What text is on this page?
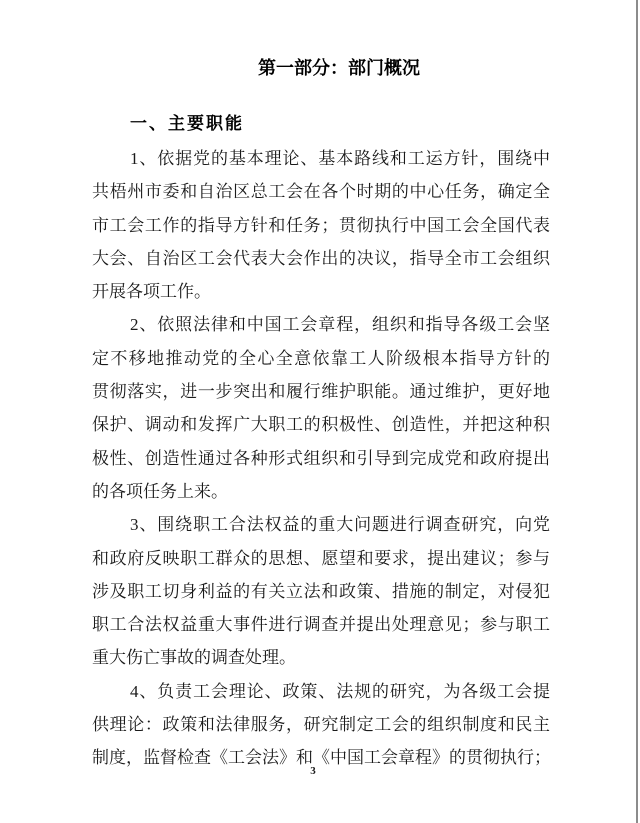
第一部分：部门概况
一、主要职能
1、依据党的基本理论、基本路线和工运方针，围绕中
共梧州市委和自治区总工会在各个时期的中心任务，确定全
市工会工作的指导方针和任务；贯彻执行中国工会全国代表
大会、自治区工会代表大会作出的决议，指导全市工会组织
开展各项工作。
2、依照法律和中国工会章程，组织和指导各级工会坚
定不移地推动党的全心全意依靠工人阶级根本指导方针的
贯彻落实，进一步突出和履行维护职能。通过维护，更好地
保护、调动和发挥广大职工的积极性、创造性，并把这种积
极性、创造性通过各种形式组织和引导到完成党和政府提出
的各项任务上来。
3、围绕职工合法权益的重大问题进行调查研究，向党
和政府反映职工群众的思想、愿望和要求，提出建议；参与
涉及职工切身利益的有关立法和政策、措施的制定，对侵犯
职工合法权益重大事件进行调查并提出处理意见；参与职工
重大伤亡事故的调查处理。
4、负责工会理论、政策、法规的研究，为各级工会提
供理论：政策和法律服务，研究制定工会的组织制度和民主
制度，监督检查《工会法》和《中国工会章程》的贯彻执行；
3
